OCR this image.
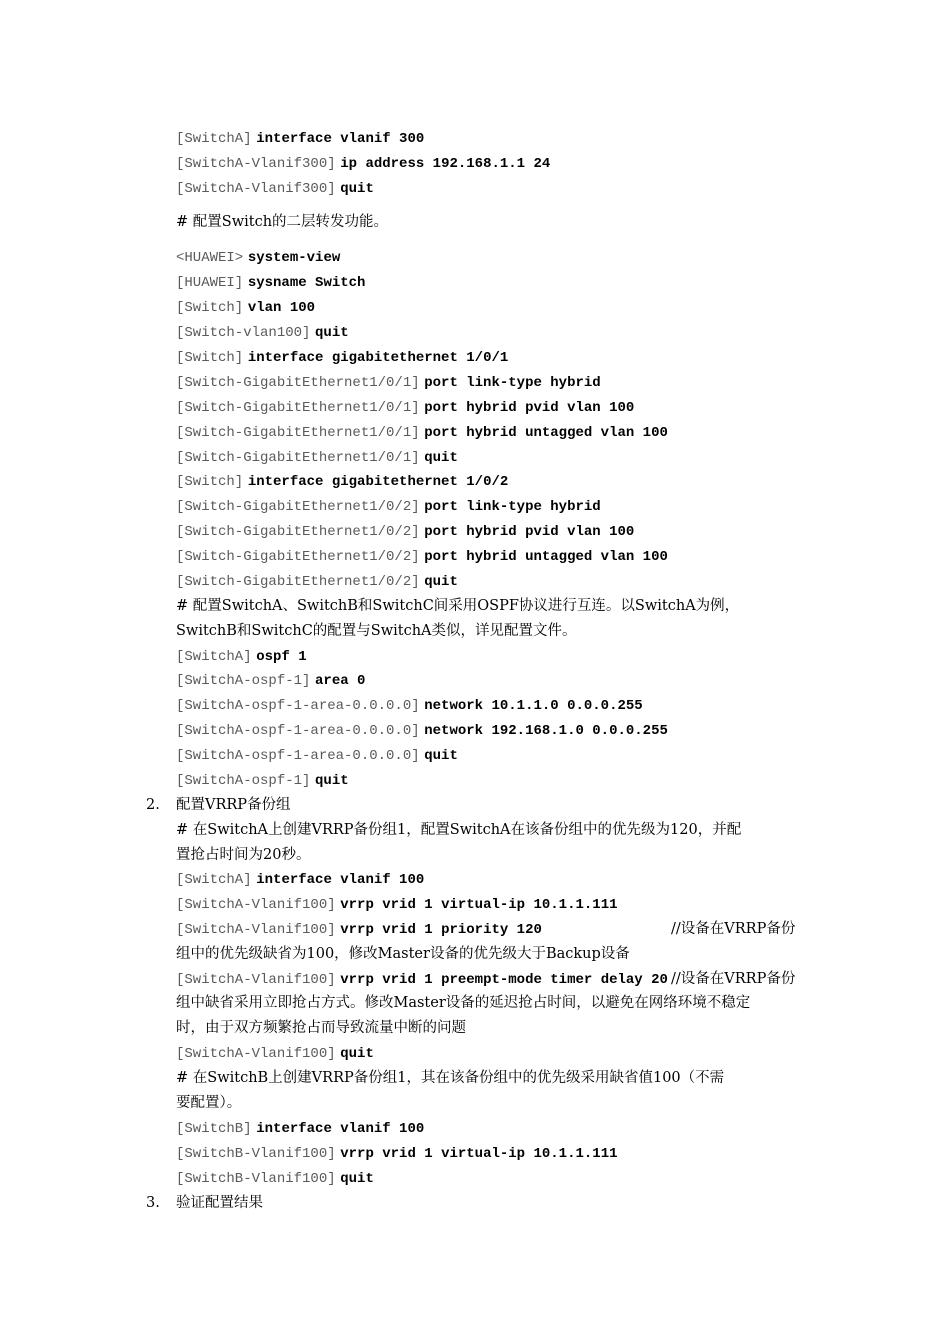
[SwitchA] interface vlanif 300
[SwitchA-Vlanif300] ip address 192.168.1.1 24
[SwitchA-Vlanif300] quit
# 配置Switch的二层转发功能。
<HUAWEI> system-view
[HUAWEI] sysname Switch
[Switch] vlan 100
[Switch-vlan100] quit
[Switch] interface gigabitethernet 1/0/1
[Switch-GigabitEthernet1/0/1] port link-type hybrid
[Switch-GigabitEthernet1/0/1] port hybrid pvid vlan 100
[Switch-GigabitEthernet1/0/1] port hybrid untagged vlan 100
[Switch-GigabitEthernet1/0/1] quit
[Switch] interface gigabitethernet 1/0/2
[Switch-GigabitEthernet1/0/2] port link-type hybrid
[Switch-GigabitEthernet1/0/2] port hybrid pvid vlan 100
[Switch-GigabitEthernet1/0/2] port hybrid untagged vlan 100
[Switch-GigabitEthernet1/0/2] quit
# 配置SwitchA、SwitchB和SwitchC间采用OSPF协议进行互连。以SwitchA为例，
SwitchB和SwitchC的配置与SwitchA类似，详见配置文件。
[SwitchA] ospf 1
[SwitchA-ospf-1] area 0
[SwitchA-ospf-1-area-0.0.0.0] network 10.1.1.0 0.0.0.255
[SwitchA-ospf-1-area-0.0.0.0] network 192.168.1.0 0.0.0.255
[SwitchA-ospf-1-area-0.0.0.0] quit
[SwitchA-ospf-1] quit
2. 配置VRRP备份组
# 在SwitchA上创建VRRP备份组1，配置SwitchA在该备份组中的优先级为120，并配
置抢占时间为20秒。
[SwitchA] interface vlanif 100
[SwitchA-Vlanif100] vrrp vrid 1 virtual-ip 10.1.1.111
[SwitchA-Vlanif100] vrrp vrid 1 priority 120	//设备在VRRP备份
组中的优先级缺省为100，修改Master设备的优先级大于Backup设备
[SwitchA-Vlanif100] vrrp vrid 1 preempt-mode timer delay 20 //设备在VRRP备份
组中缺省采用立即抢占方式。修改Master设备的延迟抢占时间，以避免在网络环境不稳定
时，由于双方频繁抢占而导致流量中断的问题
[SwitchA-Vlanif100] quit
# 在SwitchB上创建VRRP备份组1，其在该备份组中的优先级采用缺省值100（不需
要配置）。
[SwitchB] interface vlanif 100
[SwitchB-Vlanif100] vrrp vrid 1 virtual-ip 10.1.1.111
[SwitchB-Vlanif100] quit
3. 验证配置结果
